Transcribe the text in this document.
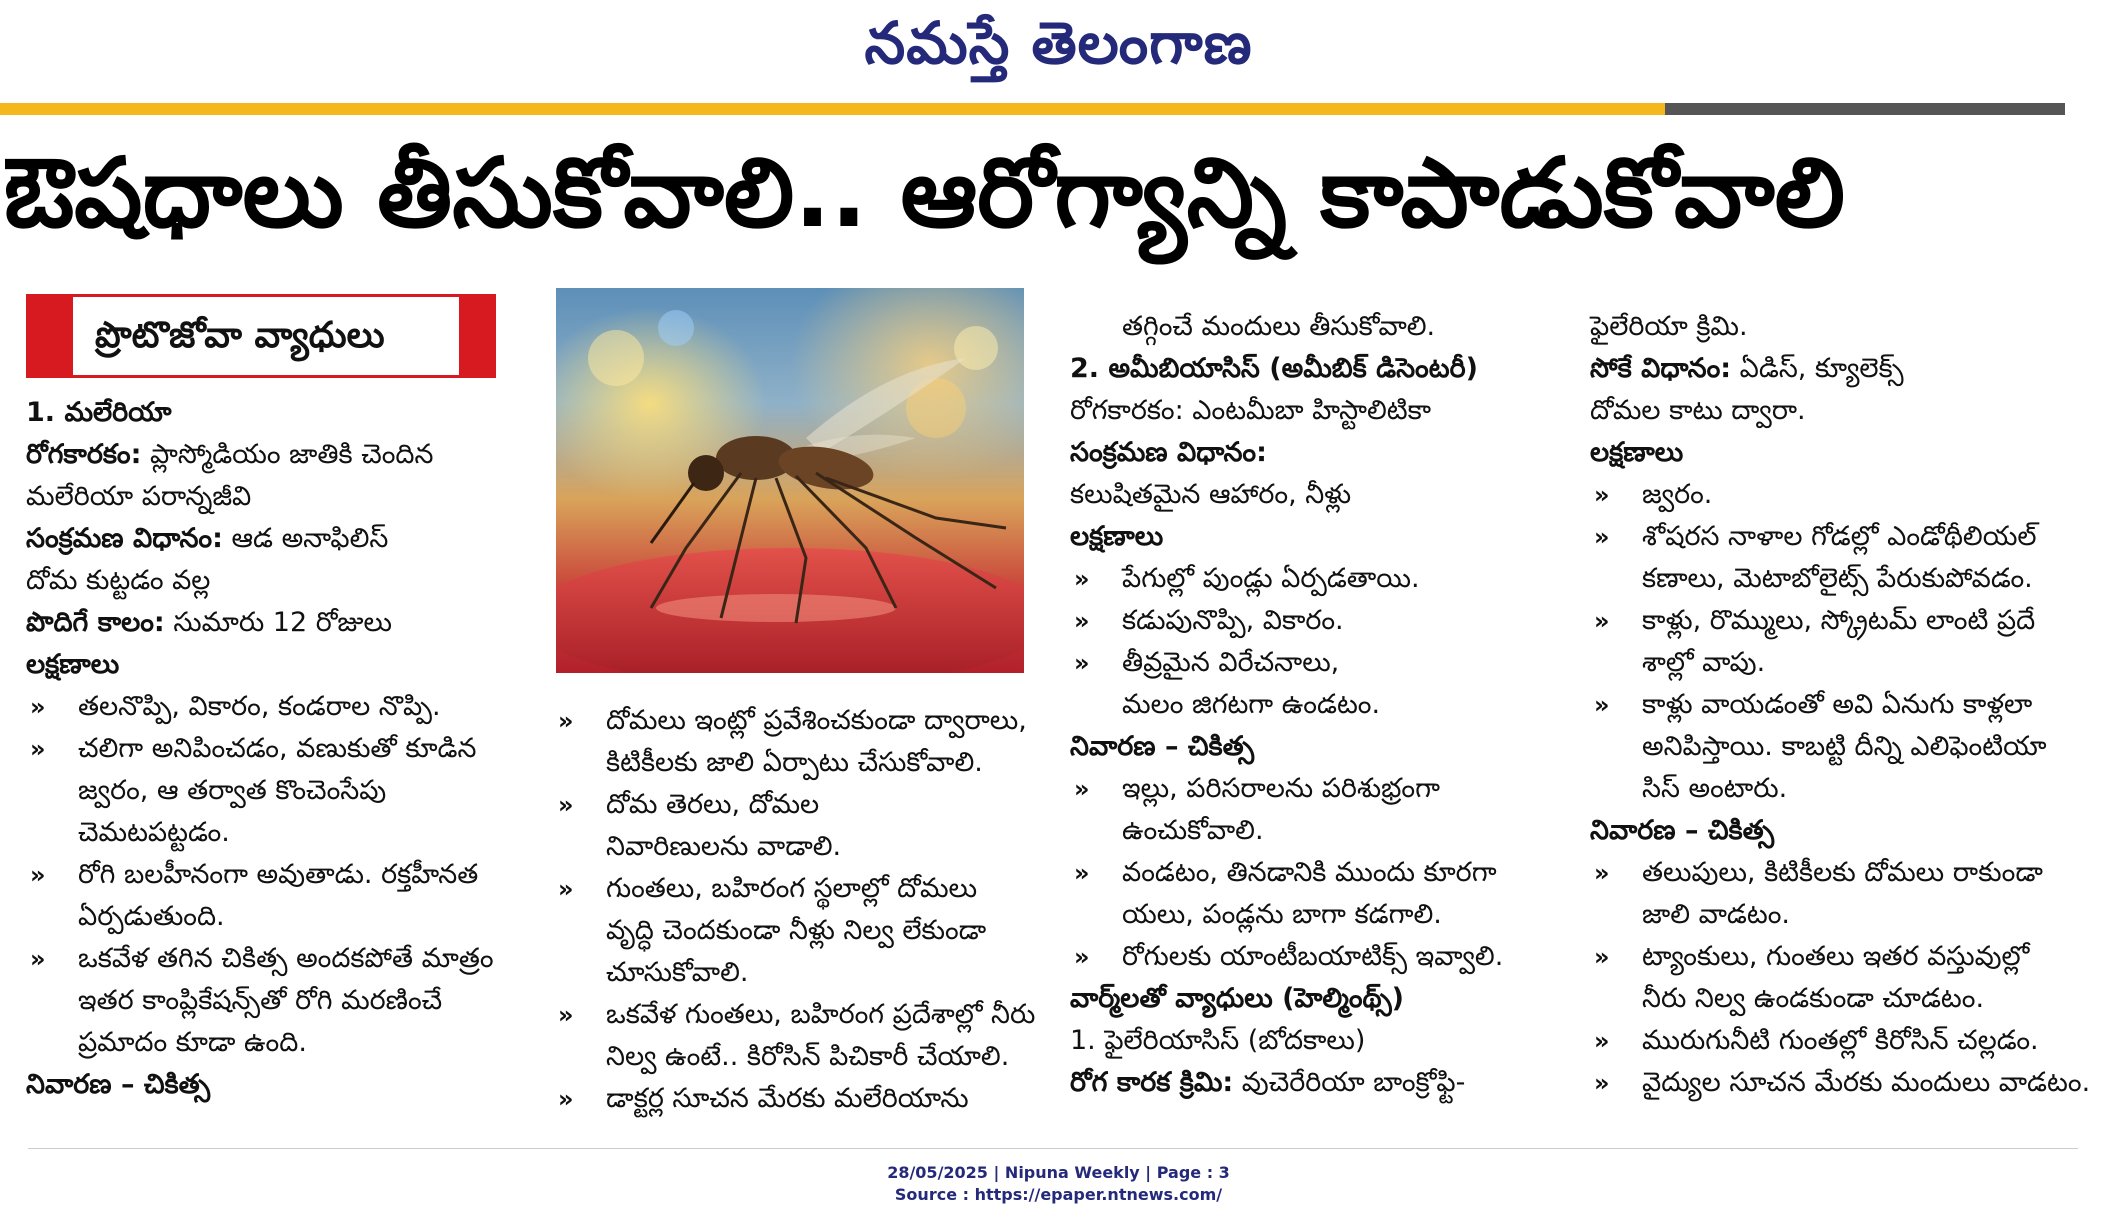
నమస్తే తెలంగాణ
ఔషధాలు తీసుకోవాలి.. ఆరోగ్యాన్ని కాపాడుకోవాలి
ప్రొటొజోవా వ్యాధులు
1. మలేరియా
రోగకారకం: ప్లాస్మోడియం జాతికి చెందిన
మలేరియా పరాన్నజీవి
సంక్రమణ విధానం: ఆడ అనాఫిలిస్
దోమ కుట్టడం వల్ల
పొదిగే కాలం: సుమారు 12 రోజులు
లక్షణాలు
» తలనొప్పి, వికారం, కండరాల నొప్పి.
» చలిగా అనిపించడం, వణుకుతో కూడిన
జ్వరం, ఆ తర్వాత కొంచెంసేపు
చెమటపట్టడం.
» రోగి బలహీనంగా అవుతాడు. రక్తహీనత
ఏర్పడుతుంది.
» ఒకవేళ తగిన చికిత్స అందకపోతే మాత్రం
ఇతర కాంప్లికేషన్స్‌తో రోగి మరణించే
ప్రమాదం కూడా ఉంది.
నివారణ – చికిత్స
» దోమలు ఇంట్లో ప్రవేశించకుండా ద్వారాలు,
కిటికీలకు జాలి ఏర్పాటు చేసుకోవాలి.
» దోమ తెరలు, దోమల
నివారిణులను వాడాలి.
» గుంతలు, బహిరంగ స్థలాల్లో దోమలు
వృద్ధి చెందకుండా నీళ్లు నిల్వ లేకుండా
చూసుకోవాలి.
» ఒకవేళ గుంతలు, బహిరంగ ప్రదేశాల్లో నీరు
నిల్వ ఉంటే.. కిరోసిన్ పిచికారీ చేయాలి.
» డాక్టర్ల సూచన మేరకు మలేరియాను
తగ్గించే మందులు తీసుకోవాలి.
2. అమీబియాసిస్ (అమీబిక్ డిసెంటరీ)
రోగకారకం: ఎంటమీబా హిస్టాలిటికా
సంక్రమణ విధానం:
కలుషితమైన ఆహారం, నీళ్లు
లక్షణాలు
» పేగుల్లో పుండ్లు ఏర్పడతాయి.
» కడుపునొప్పి, వికారం.
» తీవ్రమైన విరేచనాలు,
మలం జిగటగా ఉండటం.
నివారణ – చికిత్స
» ఇల్లు, పరిసరాలను పరిశుభ్రంగా
ఉంచుకోవాలి.
» వండటం, తినడానికి ముందు కూరగా
యలు, పండ్లను బాగా కడగాలి.
» రోగులకు యాంటీబయాటిక్స్ ఇవ్వాలి.
వార్మ్‌లతో వ్యాధులు (హెల్మింథ్స్)
1. ఫైలేరియాసిస్ (బోదకాలు)
రోగ కారక క్రిమి: వుచెరేరియా బాంక్రోఫ్టి-
ఫైలేరియా క్రిమి.
సోకే విధానం: ఏడిస్, క్యూలెక్స్
దోమల కాటు ద్వారా.
లక్షణాలు
» జ్వరం.
» శోషరస నాళాల గోడల్లో ఎండోథీలియల్
కణాలు, మెటాబోలైట్స్ పేరుకుపోవడం.
» కాళ్లు, రొమ్ములు, స్క్రోటమ్ లాంటి ప్రదే
శాల్లో వాపు.
» కాళ్లు వాయడంతో అవి ఏనుగు కాళ్లలా
అనిపిస్తాయి. కాబట్టి దీన్ని ఎలిఫెంటియా
సిస్ అంటారు.
నివారణ – చికిత్స
» తలుపులు, కిటికీలకు దోమలు రాకుండా
జాలి వాడటం.
» ట్యాంకులు, గుంతలు ఇతర వస్తువుల్లో
నీరు నిల్వ ఉండకుండా చూడటం.
» మురుగునీటి గుంతల్లో కిరోసిన్ చల్లడం.
» వైద్యుల సూచన మేరకు మందులు వాడటం.
28/05/2025 | Nipuna Weekly | Page : 3
Source : https://epaper.ntnews.com/
